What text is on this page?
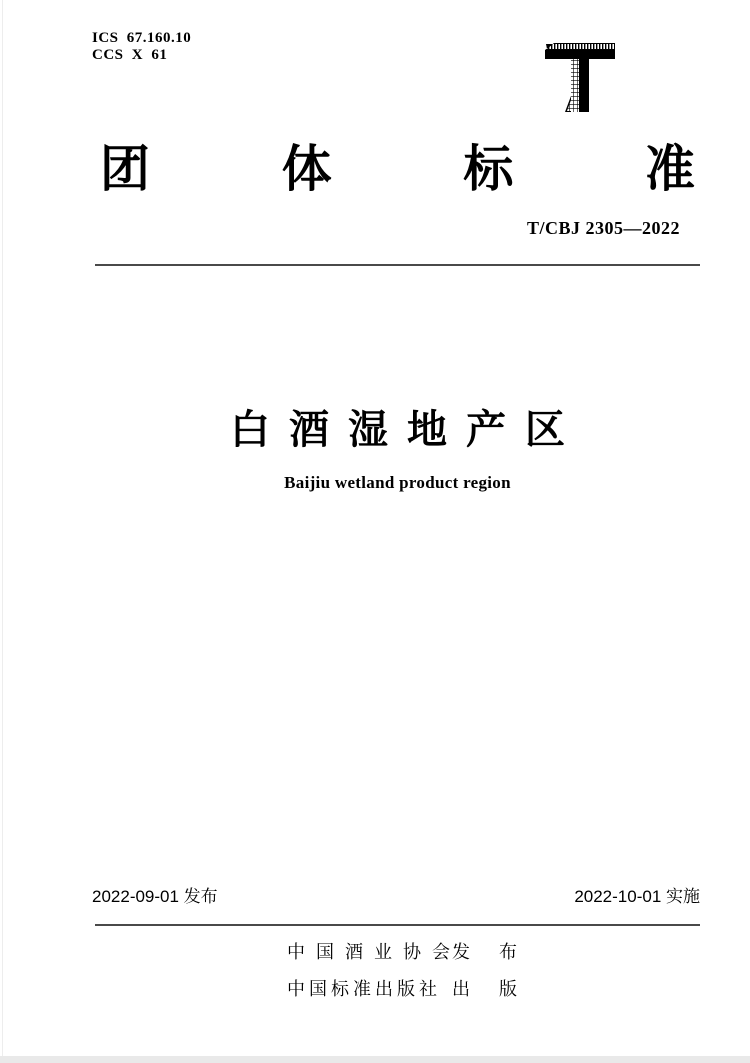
ICS 67.160.10
CCS X 61
团	体	标	准
T/CBJ 2305—2022
白酒湿地产区
Baijiu wetland product region
2022-09-01 发布	2022-10-01 实施
中国酒业协会
发 布
中国标准出版社 出 版
